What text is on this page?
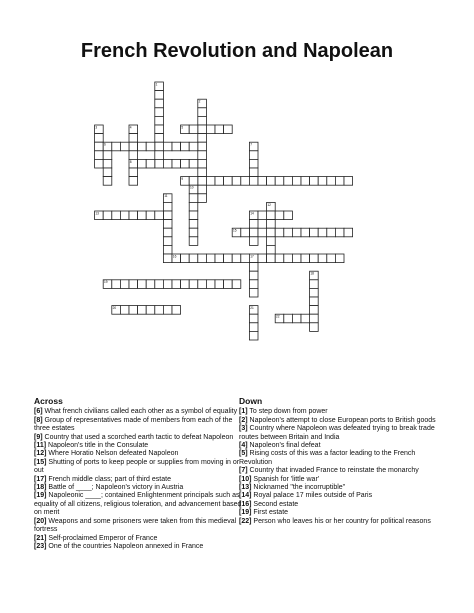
French Revolution and Napolean
1
2
3	4	5
6	7
8
9
10
11
12
13	14
15
16	17
18
19
20	21
22
Across

[6] What french civilians called each other as a symbol of equality

[8] Group of representatives made of members from each of the three estates

[9] Country that used a scorched earth tactic to defeat Napoleon

[11] Napoleon's title in the Consulate

[12] Where Horatio Nelson defeated Napoleon

[15] Shutting of ports to keep people or supplies from moving in or out

[17] French middle class; part of third estate

[18] Battle of ____; Napoleon's victory in Austria

[19] Napoleonic ____; contained Enlightenment principals such as equality of all citizens, religious toleration, and advancement based on merit

[20] Weapons and some prisoners were taken from this medieval fortress

[21] Self-proclaimed Emperor of France

[23] One of the countries Napoleon annexed in France

Down

[1] To step down from power

[2] Napoleon's attempt to close European ports to British goods

[3] Country where Napoleon was defeated trying to break trade routes between Britain and India

[4] Napoleon's final defeat

[5] Rising costs of this was a factor leading to the French Revolution

[7] Country that invaded France to reinstate the monarchy

[10] Spanish for 'little war'

[13] Nicknamed "the incorruptible"

[14] Royal palace 17 miles outside of Paris

[16] Second estate

[19] First estate

[22] Person who leaves his or her country for political reasons
